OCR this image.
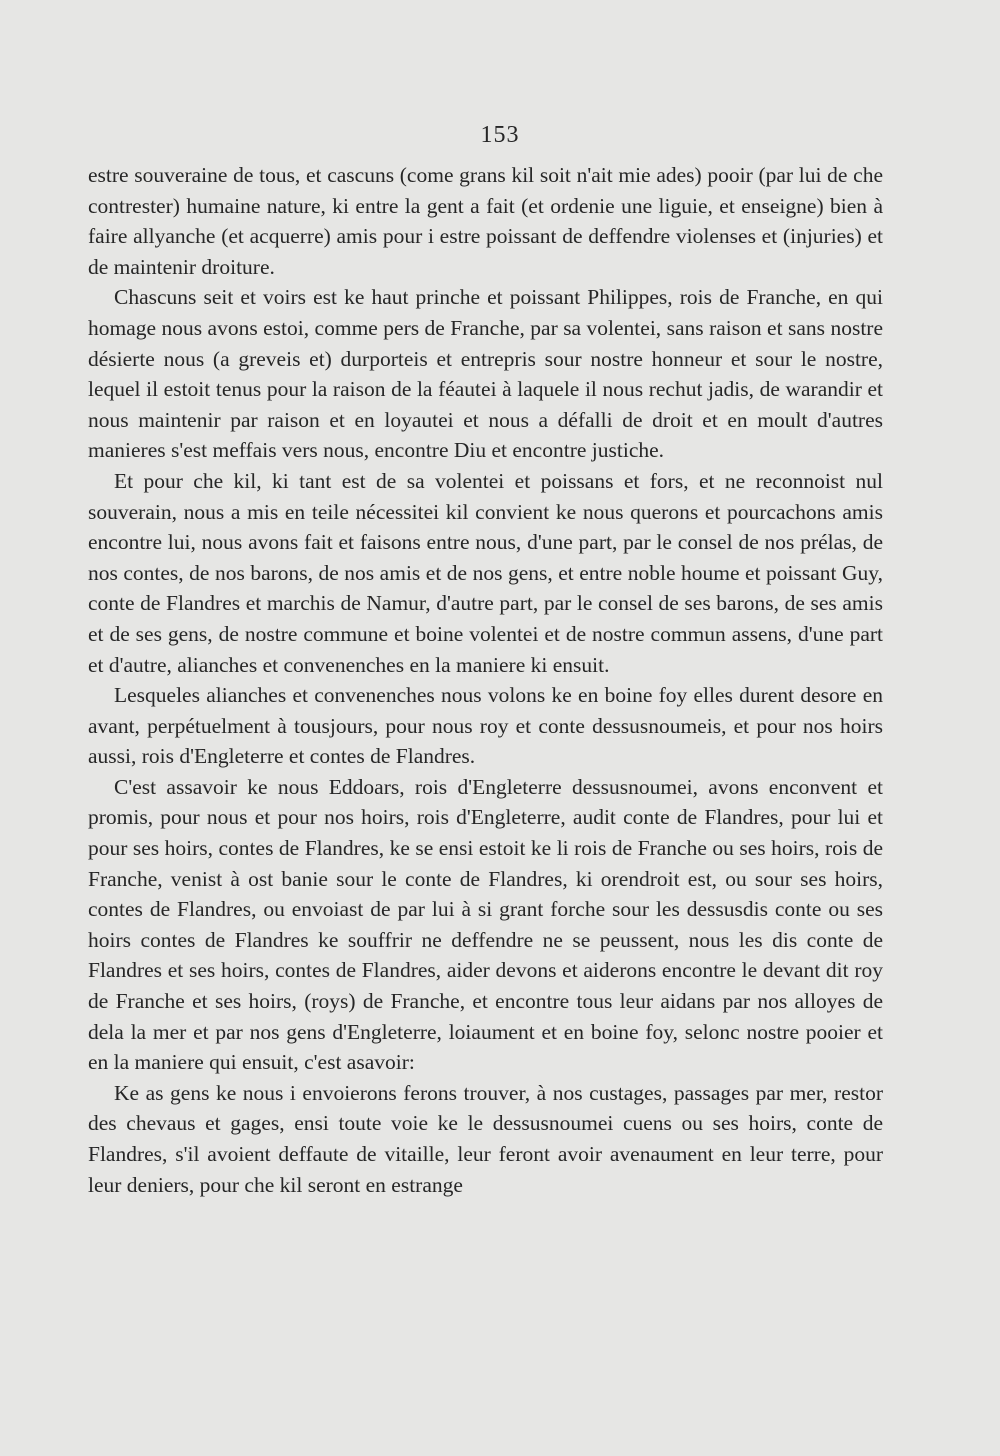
153

estre souveraine de tous, et cascuns (come grans kil soit n'ait mie ades) pooir (par lui de che contrester) humaine nature, ki entre la gent a fait (et ordenie une liguie, et enseigne) bien à faire allyanche (et acquerre) amis pour i estre poissant de deffendre violenses et (injuries) et de maintenir droiture.

Chascuns seit et voirs est ke haut prinche et poissant Philippes, rois de Franche, en qui homage nous avons estoi, comme pers de Franche, par sa volentei, sans raison et sans nostre désierte nous (a greveis et) durporteis et entrepris sour nostre honneur et sour le nostre, lequel il estoit tenus pour la raison de la féautei à laquele il nous rechut jadis, de warandir et nous maintenir par raison et en loyautei et nous a défalli de droit et en moult d'autres manieres s'est meffais vers nous, encontre Diu et encontre justiche.

Et pour che kil, ki tant est de sa volentei et poissans et fors, et ne reconnoist nul souverain, nous a mis en teile nécessitei kil convient ke nous querons et pourcachons amis encontre lui, nous avons fait et faisons entre nous, d'une part, par le consel de nos prélas, de nos contes, de nos barons, de nos amis et de nos gens, et entre noble houme et poissant Guy, conte de Flandres et marchis de Namur, d'autre part, par le consel de ses barons, de ses amis et de ses gens, de nostre commune et boine volentei et de nostre commun assens, d'une part et d'autre, alianches et convenenches en la maniere ki ensuit.

Lesqueles alianches et convenenches nous volons ke en boine foy elles durent desore en avant, perpétuelment à tousjours, pour nous roy et conte dessusnoumeis, et pour nos hoirs aussi, rois d'Engleterre et contes de Flandres.

C'est assavoir ke nous Eddoars, rois d'Engleterre dessusnoumei, avons enconvent et promis, pour nous et pour nos hoirs, rois d'Engleterre, audit conte de Flandres, pour lui et pour ses hoirs, contes de Flandres, ke se ensi estoit ke li rois de Franche ou ses hoirs, rois de Franche, venist à ost banie sour le conte de Flandres, ki orendroit est, ou sour ses hoirs, contes de Flandres, ou envoiast de par lui à si grant forche sour les dessusdis conte ou ses hoirs contes de Flandres ke souffrir ne deffendre ne se peussent, nous les dis conte de Flandres et ses hoirs, contes de Flandres, aider devons et aiderons encontre le devant dit roy de Franche et ses hoirs, (roys) de Franche, et encontre tous leur aidans par nos alloyes de dela la mer et par nos gens d'Engleterre, loiaument et en boine foy, selonc nostre pooier et en la maniere qui ensuit, c'est asavoir:

Ke as gens ke nous i envoierons ferons trouver, à nos custages, passages par mer, restor des chevaus et gages, ensi toute voie ke le dessusnoumei cuens ou ses hoirs, conte de Flandres, s'il avoient deffaute de vitaille, leur feront avoir avenaument en leur terre, pour leur deniers, pour che kil seront en estrange
